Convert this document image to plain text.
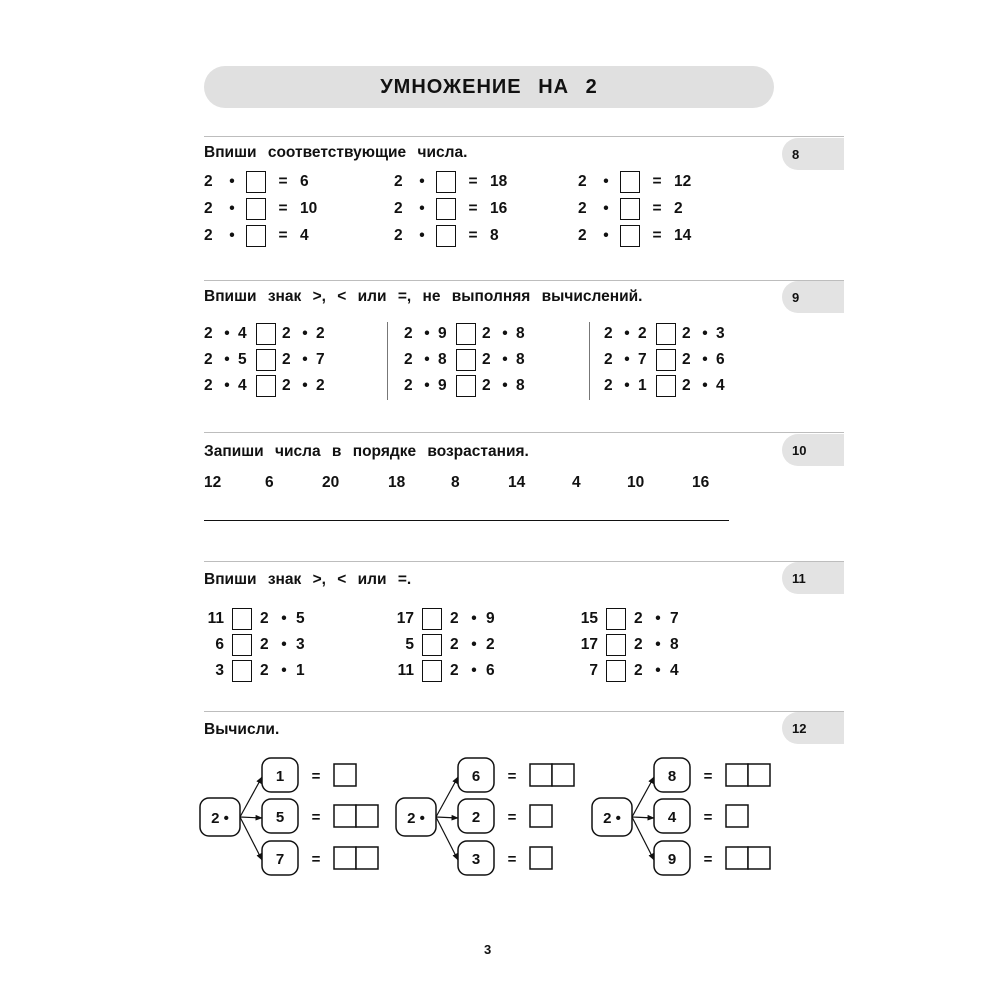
УМНОЖЕНИЕ НА 2
8
Впиши соответствующие числа.
2	•	= 6
2	•	= 10
2	•	= 4
2	•	= 18
2	•	= 16
2	•	= 8
2	•	= 12
2	•	= 2
2	•	= 14
9
Впиши знак >, < или =, не выполняя вычислений.
2 • 4	2 • 2
2 • 5	2 • 7
2 • 4	2 • 2
2 • 9	2 • 8
2 • 8	2 • 8
2 • 9	2 • 8
2 • 2	2 • 3
2 • 7	2 • 6
2 • 1	2 • 4
10
Запиши числа в порядке возрастания.
12	6	20	18	8	14	4	10	16
11
Впиши знак >, < или =.
11 2 • 5
6 2 • 3
3 2 • 1
17 2 • 9
5 2 • 2
11 2 • 6
15 2 • 7
17 2 • 8
7 2 • 4
12
Вычисли.
2 •
1 =
5 =
7 =
2 •
6 =
2 =
3 =
2 •
8 =
4 =
9 =
3
